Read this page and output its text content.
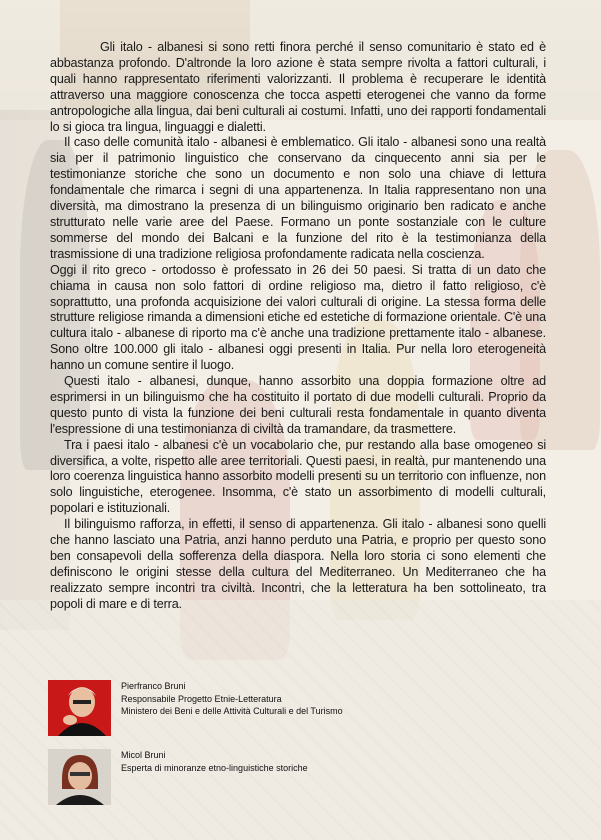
Gli italo - albanesi si sono retti finora perché il senso comunitario è stato ed è abbastanza profondo. D'altronde la loro azione è stata sempre rivolta a fattori culturali, i quali hanno rappresentato riferimenti valorizzanti. Il problema è recuperare le identità attraverso una maggiore conoscenza che tocca aspetti eterogenei che vanno da forme antropologiche alla lingua, dai beni culturali ai costumi. Infatti, uno dei rapporti fondamentali lo si gioca tra lingua, linguaggi e dialetti.

Il caso delle comunità italo - albanesi è emblematico. Gli italo - albanesi sono una realtà sia per il patrimonio linguistico che conservano da cinquecento anni sia per le testimonianze storiche che sono un documento e non solo una chiave di lettura fondamentale che rimarca i segni di una appartenenza. In Italia rappresentano non una diversità, ma dimostrano la presenza di un bilinguismo originario ben radicato e anche strutturato nelle varie aree del Paese. Formano un ponte sostanziale con le culture sommerse del mondo dei Balcani e la funzione del rito è la testimonianza della trasmissione di una tradizione religiosa profondamente radicata nella coscienza.

Oggi il rito greco - ortodosso è professato in 26 dei 50 paesi. Si tratta di un dato che chiama in causa non solo fattori di ordine religioso ma, dietro il fatto religioso, c'è soprattutto, una profonda acquisizione dei valori culturali di origine. La stessa forma delle strutture religiose rimanda a dimensioni etiche ed estetiche di formazione orientale. C'è una cultura italo - albanese di riporto ma c'è anche una tradizione prettamente italo - albanese. Sono oltre 100.000 gli italo - albanesi oggi presenti in Italia. Pur nella loro eterogeneità hanno un comune sentire il luogo.

Questi italo - albanesi, dunque, hanno assorbito una doppia formazione oltre ad esprimersi in un bilinguismo che ha costituito il portato di due modelli culturali. Proprio da questo punto di vista la funzione dei beni culturali resta fondamentale in quanto diventa l'espressione di una testimonianza di civiltà da tramandare, da trasmettere.

Tra i paesi italo - albanesi c'è un vocabolario che, pur restando alla base omogeneo si diversifica, a volte, rispetto alle aree territoriali. Questi paesi, in realtà, pur mantenendo una loro coerenza linguistica hanno assorbito modelli presenti su un territorio con influenze, non solo linguistiche, eterogenee. Insomma, c'è stato un assorbimento di modelli culturali, popolari e istituzionali.

Il bilinguismo rafforza, in effetti, il senso di appartenenza. Gli italo - albanesi sono quelli che hanno lasciato una Patria, anzi hanno perduto una Patria, e proprio per questo sono ben consapevoli della sofferenza della diaspora. Nella loro storia ci sono elementi che definiscono le origini stesse della cultura del Mediterraneo. Un Mediterraneo che ha realizzato sempre incontri tra civiltà. Incontri, che la letteratura ha ben sottolineato, tra popoli di mare e di terra.

Pierfranco Bruni
Responsabile Progetto Etnie-Letteratura
Ministero dei Beni e delle Attività Culturali e del Turismo
Micol Bruni
Esperta di minoranze etno-linguistiche storiche
